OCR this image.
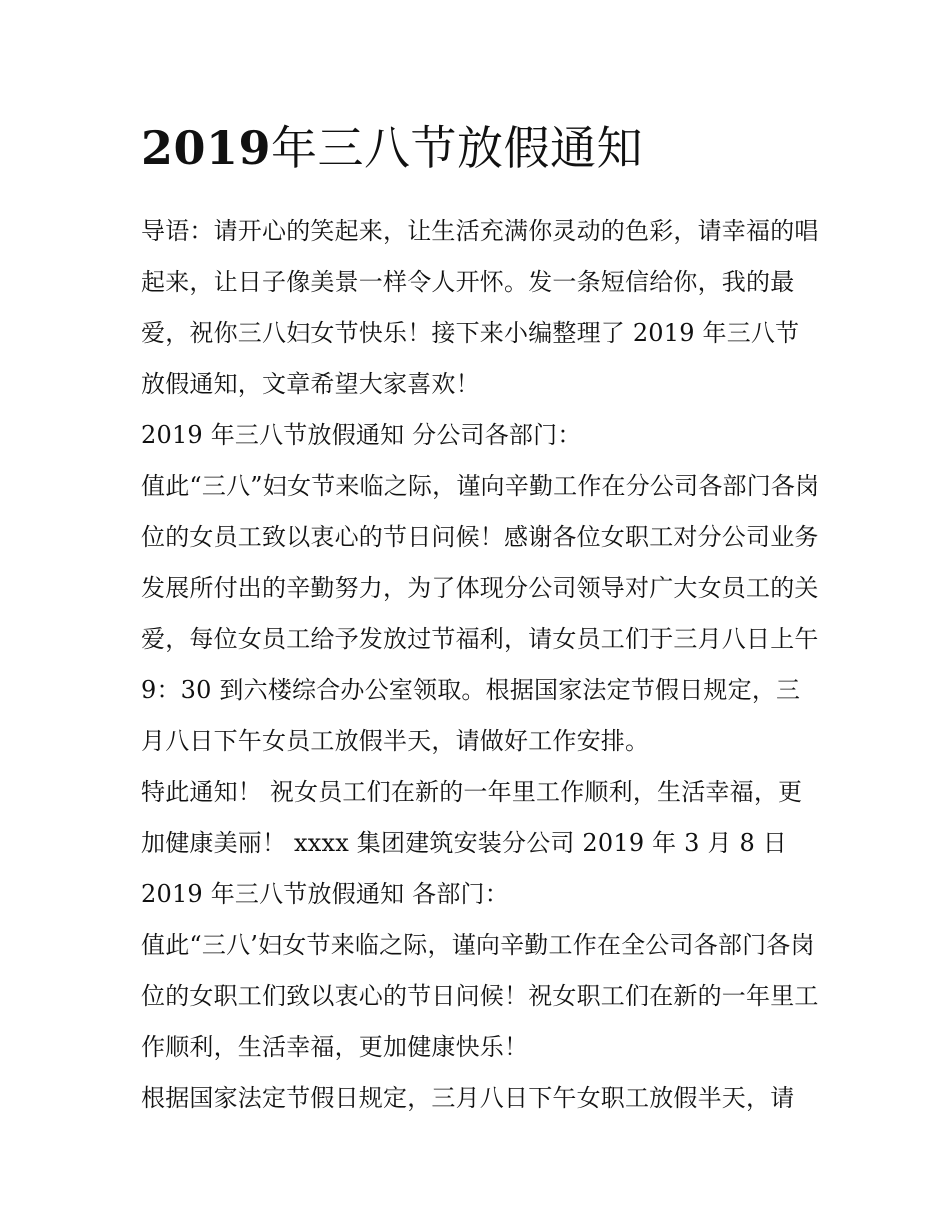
2019年三八节放假通知

导语：请开心的笑起来，让生活充满你灵动的色彩，请幸福的唱起来，让日子像美景一样令人开怀。发一条短信给你，我的最爱，祝你三八妇女节快乐！接下来小编整理了 2019 年三八节放假通知，文章希望大家喜欢！

2019 年三八节放假通知 分公司各部门：

值此“三八”妇女节来临之际，谨向辛勤工作在分公司各部门各岗位的女员工致以衷心的节日问候！感谢各位女职工对分公司业务发展所付出的辛勤努力，为了体现分公司领导对广大女员工的关爱，每位女员工给予发放过节福利，请女员工们于三月八日上午 9：30 到六楼综合办公室领取。根据国家法定节假日规定，三月八日下午女员工放假半天，请做好工作安排。

特此通知！ 祝女员工们在新的一年里工作顺利，生活幸福，更加健康美丽！ xxxx 集团建筑安装分公司 2019 年 3 月 8 日

2019 年三八节放假通知 各部门：

值此“三八’妇女节来临之际，谨向辛勤工作在全公司各部门各岗位的女职工们致以衷心的节日问候！祝女职工们在新的一年里工作顺利，生活幸福，更加健康快乐！

根据国家法定节假日规定，三月八日下午女职工放假半天，请
